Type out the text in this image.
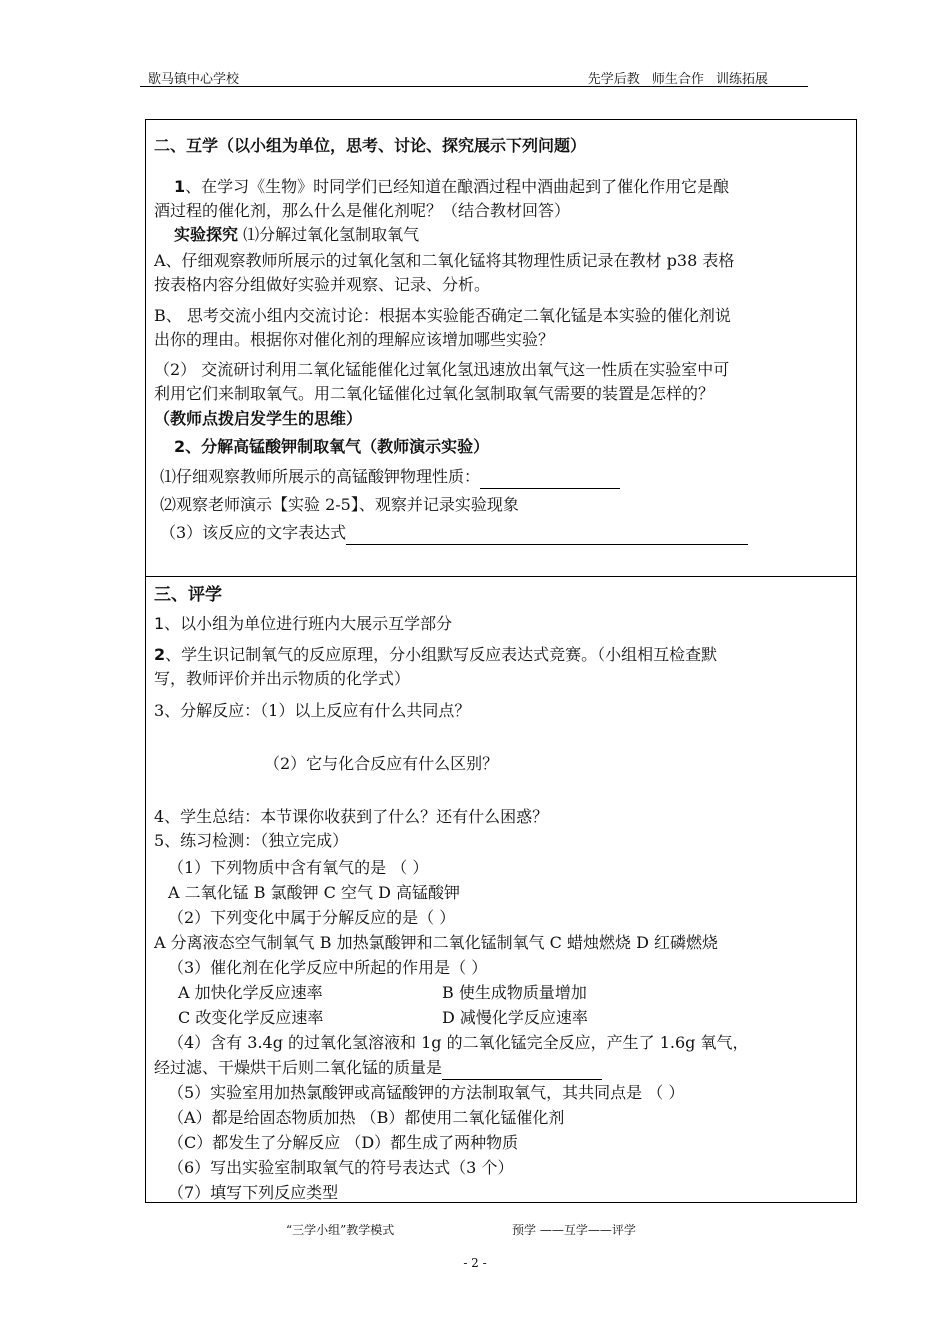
歇马镇中心学校	先学后教 师生合作 训练拓展
二、互学（以小组为单位，思考、讨论、探究展示下列问题）
1、在学习《生物》时同学们已经知道在酿酒过程中酒曲起到了催化作用它是酿
酒过程的催化剂，那么什么是催化剂呢？（结合教材回答）
实验探究 ⑴分解过氧化氢制取氧气
A、仔细观察教师所展示的过氧化氢和二氧化锰将其物理性质记录在教材 p38 表格
按表格内容分组做好实验并观察、记录、分析。
B、 思考交流小组内交流讨论：根据本实验能否确定二氧化锰是本实验的催化剂说
出你的理由。根据你对催化剂的理解应该增加哪些实验？
（2） 交流研讨利用二氧化锰能催化过氧化氢迅速放出氧气这一性质在实验室中可
利用它们来制取氧气。用二氧化锰催化过氧化氢制取氧气需要的装置是怎样的？
（教师点拨启发学生的思维）
2、分解高锰酸钾制取氧气（教师演示实验）
⑴仔细观察教师所展示的高锰酸钾物理性质：
⑵观察老师演示【实验 2-5】、观察并记录实验现象
（3）该反应的文字表达式
三、评学
1、以小组为单位进行班内大展示互学部分
2、学生识记制氧气的反应原理，分小组默写反应表达式竞赛。（小组相互检查默
写，教师评价并出示物质的化学式）
3、分解反应：（1）以上反应有什么共同点？
（2）它与化合反应有什么区别？
4、学生总结：本节课你收获到了什么？还有什么困惑？
5、练习检测：（独立完成）
（1）下列物质中含有氧气的是 （ ）
A 二氧化锰 B 氯酸钾 C 空气 D 高锰酸钾
（2）下列变化中属于分解反应的是（ ）
A 分离液态空气制氧气 B 加热氯酸钾和二氧化锰制氧气 C 蜡烛燃烧 D 红磷燃烧
（3）催化剂在化学反应中所起的作用是（ ）
A 加快化学反应速率	B 使生成物质量增加
C 改变化学反应速率	D 减慢化学反应速率
（4）含有 3.4g 的过氧化氢溶液和 1g 的二氧化锰完全反应，产生了 1.6g 氧气，
经过滤、干燥烘干后则二氧化锰的质量是
（5）实验室用加热氯酸钾或高锰酸钾的方法制取氧气，其共同点是 （ ）
（A）都是给固态物质加热 （B）都使用二氧化锰催化剂
（C）都发生了分解反应 （D）都生成了两种物质
（6）写出实验室制取氧气的符号表达式（3 个）
（7）填写下列反应类型
“三学小组”教学模式	预学 ——互学——评学
- 2 -
